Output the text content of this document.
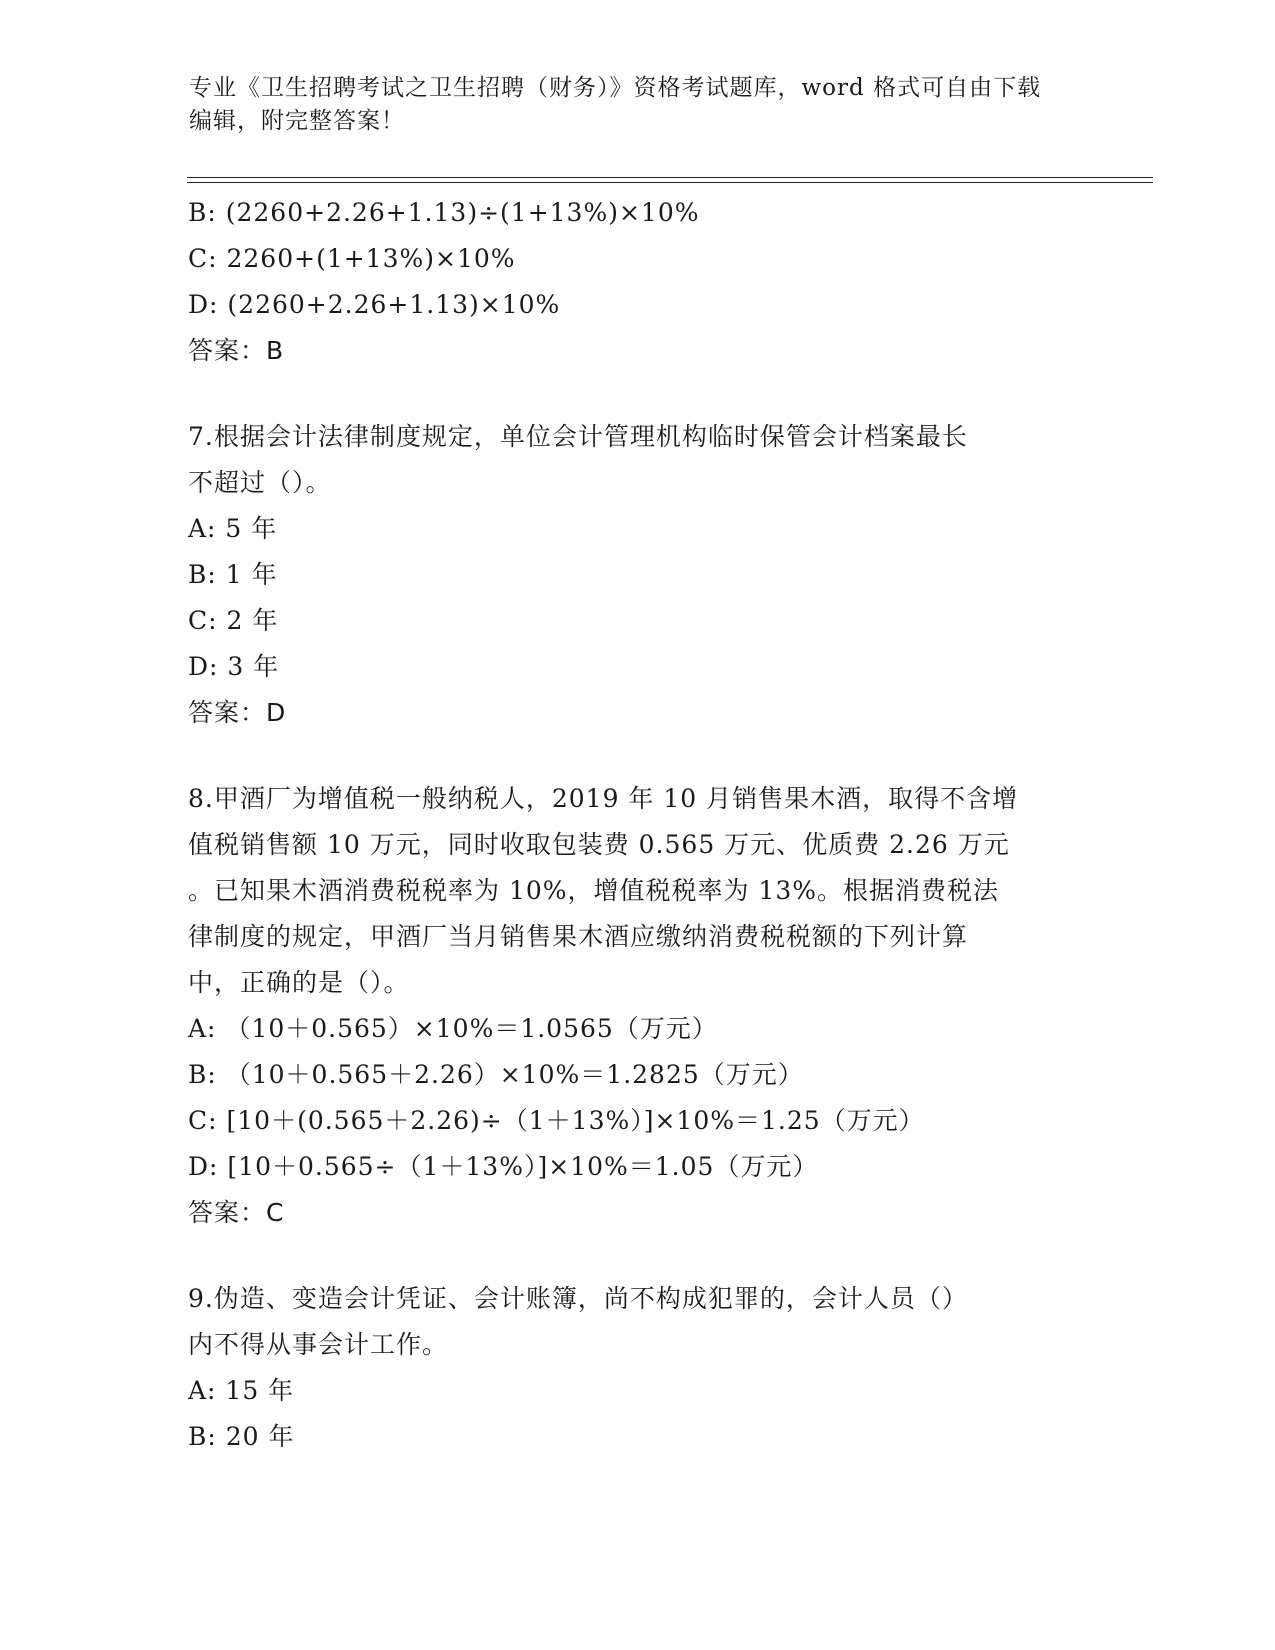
专业《卫生招聘考试之卫生招聘（财务）》资格考试题库，word 格式可自由下载
编辑，附完整答案！
B: (2260+2.26+1.13)÷(1+13%)×10%
C: 2260+(1+13%)×10%
D: (2260+2.26+1.13)×10%
答案：B
7.根据会计法律制度规定，单位会计管理机构临时保管会计档案最长
不超过（）。
A: 5 年
B: 1 年
C: 2 年
D: 3 年
答案：D
8.甲酒厂为增值税一般纳税人，2019 年 10 月销售果木酒，取得不含增
值税销售额 10 万元，同时收取包装费 0.565 万元、优质费 2.26 万元
。已知果木酒消费税税率为 10%，增值税税率为 13%。根据消费税法
律制度的规定，甲酒厂当月销售果木酒应缴纳消费税税额的下列计算
中，正确的是（）。
A: （10＋0.565）×10%＝1.0565（万元）
B: （10＋0.565＋2.26）×10%＝1.2825（万元）
C: [10＋(0.565＋2.26)÷（1＋13%）]×10%＝1.25（万元）
D: [10＋0.565÷（1＋13%）]×10%＝1.05（万元）
答案：C
9.伪造、变造会计凭证、会计账簿，尚不构成犯罪的，会计人员（）
内不得从事会计工作。
A: 15 年
B: 20 年
